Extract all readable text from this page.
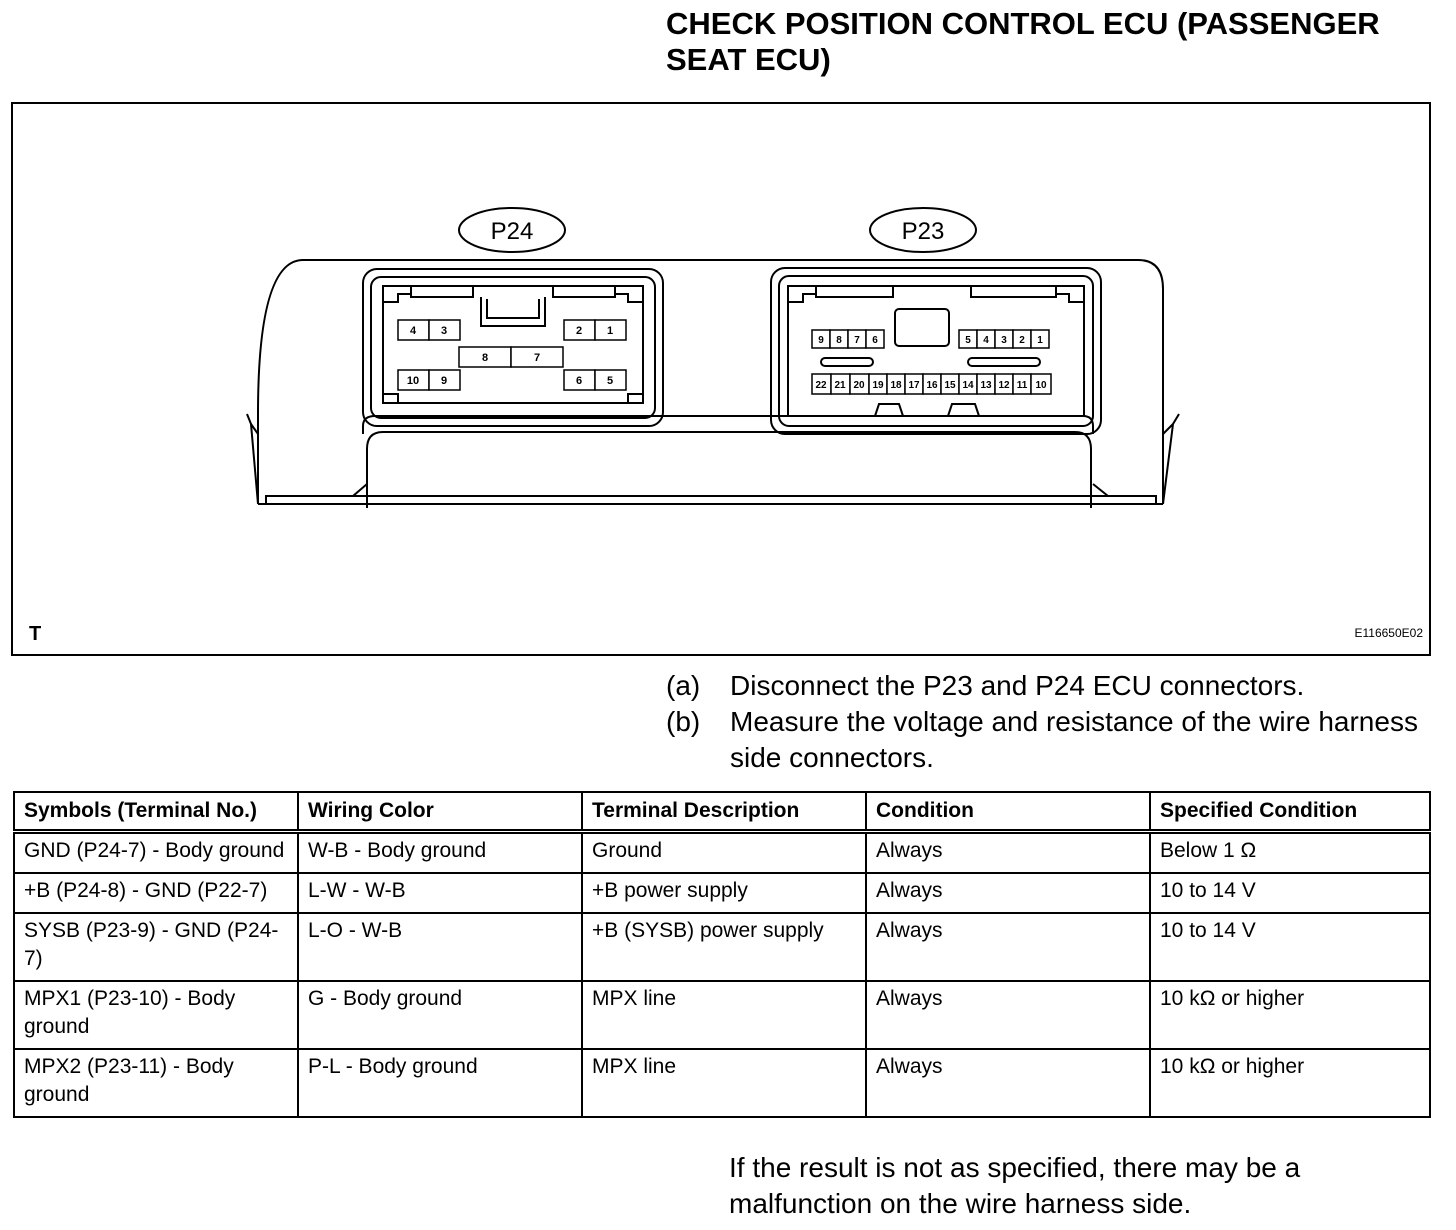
CHECK POSITION CONTROL ECU (PASSENGER SEAT ECU)
P24	P23
4 3	2 1
8	7
10 9	6 5
9 8 7 6	5 4 3 2 1
22 21 20 19 18 17 16 15 14 13 12 11 10
T	E116650E02
(a)	Disconnect the P23 and P24 ECU connectors.
(b)	Measure the voltage and resistance of the wire harness side connectors.
Symbols (Terminal No.)	Wiring Color	Terminal Description	Condition	Specified Condition
GND (P24-7) - Body ground	W-B - Body ground	Ground	Always	Below 1 Ω
+B (P24-8) - GND (P22-7)	L-W - W-B	+B power supply	Always	10 to 14 V
SYSB (P23-9) - GND (P24-7)	L-O - W-B	+B (SYSB) power supply	Always	10 to 14 V
MPX1 (P23-10) - Body ground	G - Body ground	MPX line	Always	10 kΩ or higher
MPX2 (P23-11) - Body ground	P-L - Body ground	MPX line	Always	10 kΩ or higher

If the result is not as specified, there may be a malfunction on the wire harness side.
